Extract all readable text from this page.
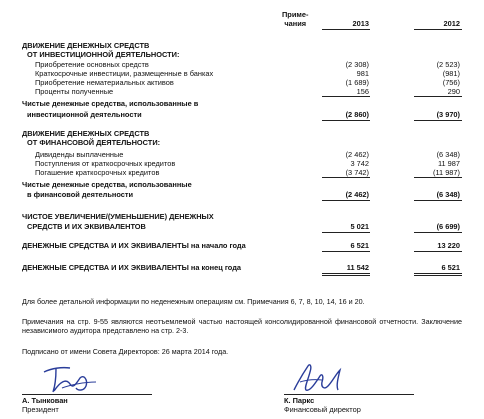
Приме-
чания	2013	2012
ДВИЖЕНИЕ ДЕНЕЖНЫХ СРЕДСТВ
ОТ ИНВЕСТИЦИОННОЙ ДЕЯТЕЛЬНОСТИ:
Приобретение основных средств	(2 308)	(2 523)
Краткосрочные инвестиции, размещенные в банках	981	(981)
Приобретение нематериальных активов	(1 689)	(756)
Проценты полученные	156	290
Чистые денежные средства, использованные в
инвестиционной деятельности	(2 860)	(3 970)
ДВИЖЕНИЕ ДЕНЕЖНЫХ СРЕДСТВ
ОТ ФИНАНСОВОЙ ДЕЯТЕЛЬНОСТИ:
Дивиденды выплаченные	(2 462)	(6 348)
Поступления от краткосрочных кредитов	3 742	11 987
Погашение краткосрочных кредитов	(3 742)	(11 987)
Чистые денежные средства, использованные
в финансовой деятельности	(2 462)	(6 348)
ЧИСТОЕ УВЕЛИЧЕНИЕ/(УМЕНЬШЕНИЕ) ДЕНЕЖНЫХ
СРЕДСТВ И ИХ ЭКВИВАЛЕНТОВ	5 021	(6 699)
ДЕНЕЖНЫЕ СРЕДСТВА И ИХ ЭКВИВАЛЕНТЫ на начало года	6 521	13 220
ДЕНЕЖНЫЕ СРЕДСТВА И ИХ ЭКВИВАЛЕНТЫ на конец года	11 542	6 521
Для более детальной информации по неденежным операциям см. Примечания 6, 7, 8, 10, 14, 16 и 20.
Примечания на стр. 9-55 являются неотъемлемой частью настоящей консолидированной финансовой отчетности. Заключение независимого аудитора представлено на стр. 2-3.
Подписано от имени Совета Директоров: 26 марта 2014 года.
А. Тынкован
Президент
К. Паркс
Финансовый директор
